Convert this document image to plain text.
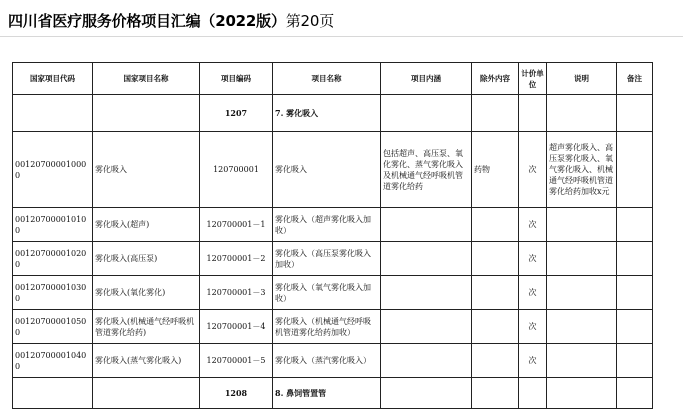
四川省医疗服务价格项目汇编（2022版）第20页
国家项目代码	国家项目名称	项目编码	项目名称	项目内涵	除外内容	计价单位	说明	备注
		1207	7. 雾化吸入					
001207000010000	雾化吸入	120700001	雾化吸入	包括超声、高压泵、氧化雾化、蒸气雾化吸入及机械通气经呼吸机管道雾化给药	药物	次	超声雾化吸入、高压泵雾化吸入、氧气雾化吸入、机械通气经呼吸机管道雾化给药加收x元	
001207000010100	雾化吸入(超声)	120700001－1	雾化吸入（超声雾化吸入加收）			次		
001207000010200	雾化吸入(高压泵)	120700001－2	雾化吸入（高压泵雾化吸入加收）			次		
001207000010300	雾化吸入(氧化雾化)	120700001－3	雾化吸入（氧气雾化吸入加收）			次		
001207000010500	雾化吸入(机械通气经呼吸机管道雾化给药)	120700001－4	雾化吸入（机械通气经呼吸机管道雾化给药加收）			次		
001207000010400	雾化吸入(蒸气雾化吸入)	120700001－5	雾化吸入（蒸汽雾化吸入）			次		
		1208	8. 鼻饲管置管					
